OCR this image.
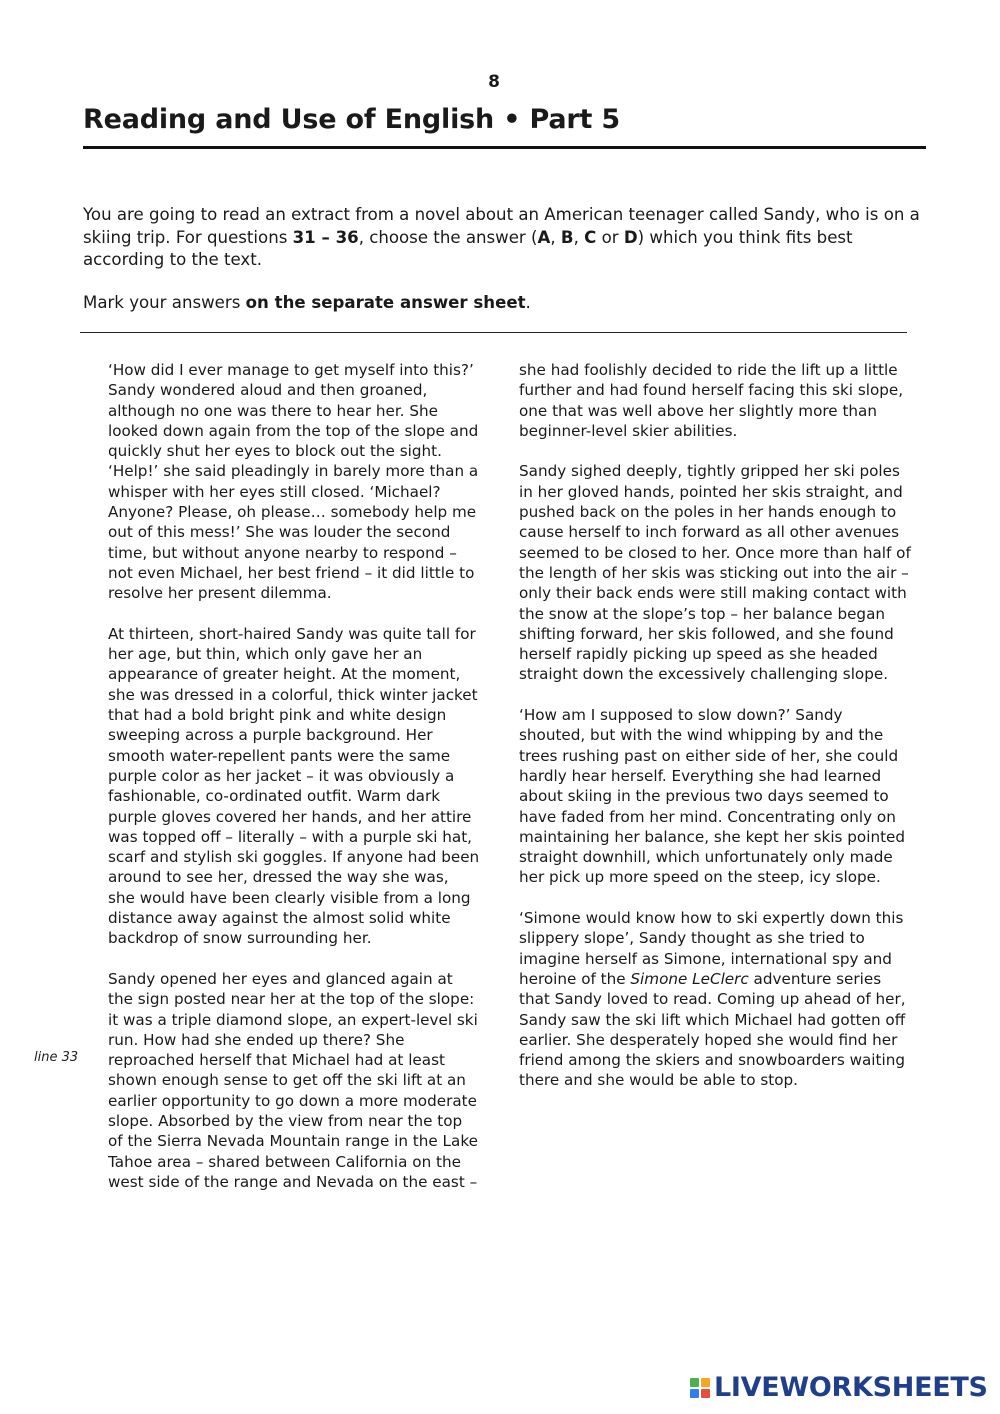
8
Reading and Use of English • Part 5

You are going to read an extract from a novel about an American teenager called Sandy, who is on a skiing trip. For questions 31 – 36, choose the answer (A, B, C or D) which you think fits best according to the text.

Mark your answers on the separate answer sheet.

‘How did I ever manage to get myself into this?’ Sandy wondered aloud and then groaned, although no one was there to hear her. She looked down again from the top of the slope and quickly shut her eyes to block out the sight. ‘Help!’ she said pleadingly in barely more than a whisper with her eyes still closed. ‘Michael? Anyone? Please, oh please… somebody help me out of this mess!’ She was louder the second time, but without anyone nearby to respond – not even Michael, her best friend – it did little to resolve her present dilemma.

At thirteen, short-haired Sandy was quite tall for her age, but thin, which only gave her an appearance of greater height. At the moment, she was dressed in a colorful, thick winter jacket that had a bold bright pink and white design sweeping across a purple background. Her smooth water-repellent pants were the same purple color as her jacket – it was obviously a fashionable, co-ordinated outfit. Warm dark purple gloves covered her hands, and her attire was topped off – literally – with a purple ski hat, scarf and stylish ski goggles. If anyone had been around to see her, dressed the way she was, she would have been clearly visible from a long distance away against the almost solid white backdrop of snow surrounding her.

Sandy opened her eyes and glanced again at the sign posted near her at the top of the slope: it was a triple diamond slope, an expert-level ski run. How had she ended up there? She reproached herself that Michael had at least shown enough sense to get off the ski lift at an earlier opportunity to go down a more moderate slope. Absorbed by the view from near the top of the Sierra Nevada Mountain range in the Lake Tahoe area – shared between California on the west side of the range and Nevada on the east –

line 33

she had foolishly decided to ride the lift up a little further and had found herself facing this ski slope, one that was well above her slightly more than beginner-level skier abilities.

Sandy sighed deeply, tightly gripped her ski poles in her gloved hands, pointed her skis straight, and pushed back on the poles in her hands enough to cause herself to inch forward as all other avenues seemed to be closed to her. Once more than half of the length of her skis was sticking out into the air – only their back ends were still making contact with the snow at the slope’s top – her balance began shifting forward, her skis followed, and she found herself rapidly picking up speed as she headed straight down the excessively challenging slope.

‘How am I supposed to slow down?’ Sandy shouted, but with the wind whipping by and the trees rushing past on either side of her, she could hardly hear herself. Everything she had learned about skiing in the previous two days seemed to have faded from her mind. Concentrating only on maintaining her balance, she kept her skis pointed straight downhill, which unfortunately only made her pick up more speed on the steep, icy slope.

‘Simone would know how to ski expertly down this slippery slope’, Sandy thought as she tried to imagine herself as Simone, international spy and heroine of the Simone LeClerc adventure series that Sandy loved to read. Coming up ahead of her, Sandy saw the ski lift which Michael had gotten off earlier. She desperately hoped she would find her friend among the skiers and snowboarders waiting there and she would be able to stop.

LIVEWORKSHEETS
